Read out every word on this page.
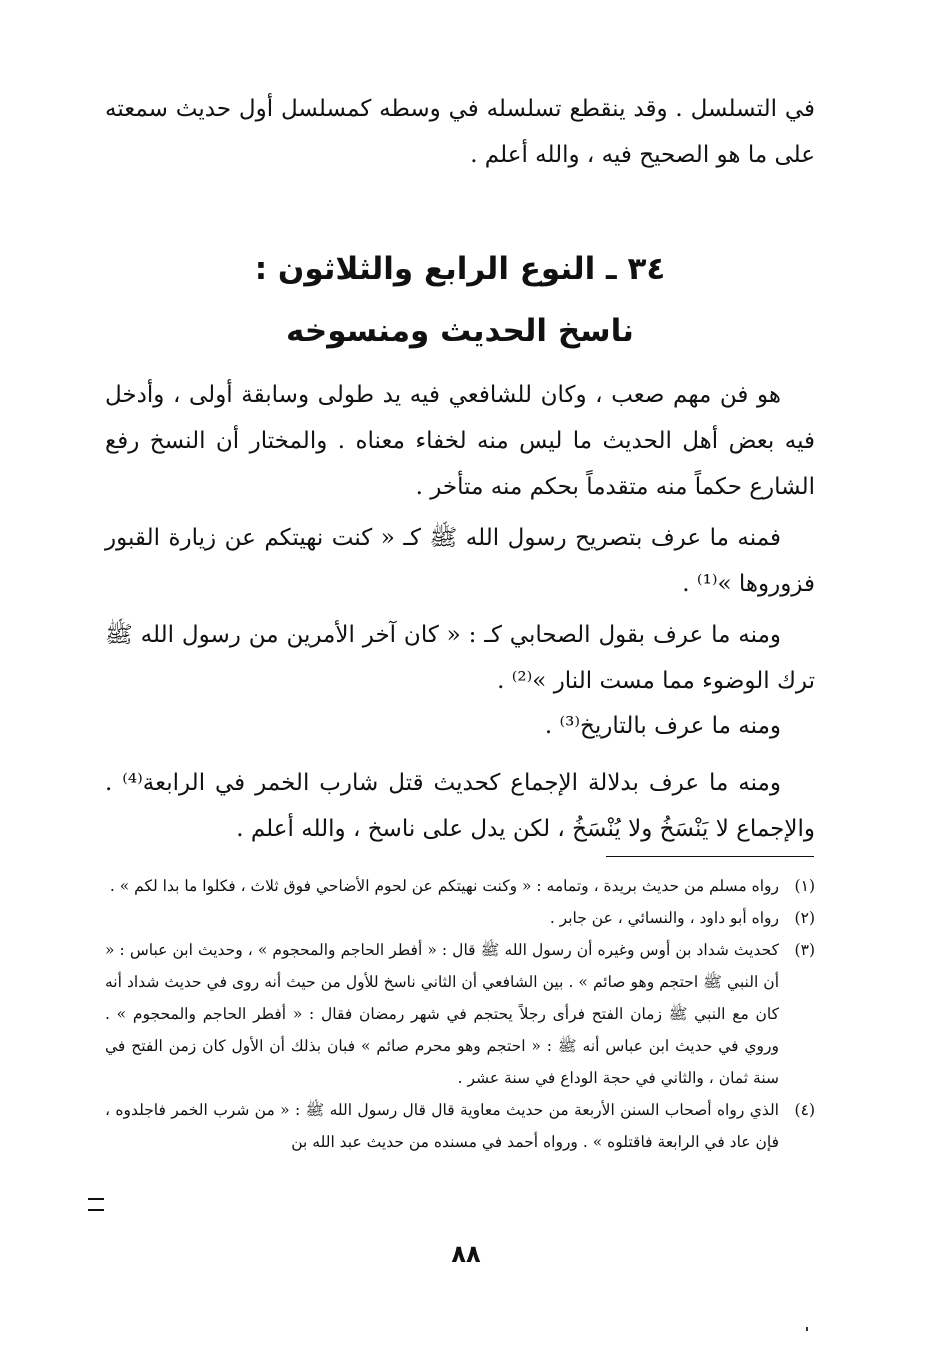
في التسلسل . وقد ينقطع تسلسله في وسطه كمسلسل أول حديث سمعته على ما هو الصحيح فيه ، والله أعلم .

٣٤ ـ النوع الرابع والثلاثون :
ناسخ الحديث ومنسوخه

هو فن مهم صعب ، وكان للشافعي فيه يد طولى وسابقة أولى ، وأدخل فيه بعض أهل الحديث ما ليس منه لخفاء معناه . والمختار أن النسخ رفع الشارع حكماً منه متقدماً بحكم منه متأخر .

فمنه ما عرف بتصريح رسول الله ﷺ كـ « كنت نهيتكم عن زيارة القبور فزوروها »⁽¹⁾ .

ومنه ما عرف بقول الصحابي كـ : « كان آخر الأمرين من رسول الله ﷺ ترك الوضوء مما مست النار »⁽²⁾ .

ومنه ما عرف بالتاريخ⁽³⁾ .

ومنه ما عرف بدلالة الإجماع كحديث قتل شارب الخمر في الرابعة⁽⁴⁾ . والإجماع لا يَنْسَخُ ولا يُنْسَخُ ، لكن يدل على ناسخ ، والله أعلم .

(١)رواه مسلم من حديث بريدة ، وتمامه : « وكنت نهيتكم عن لحوم الأضاحي فوق ثلاث ، فكلوا ما بدا لكم » .

(٢)رواه أبو داود ، والنسائي ، عن جابر .

(٣)كحديث شداد بن أوس وغيره أن رسول الله ﷺ قال : « أفطر الحاجم والمحجوم » ، وحديث ابن عباس : « أن النبي ﷺ احتجم وهو صائم » . بين الشافعي أن الثاني ناسخ للأول من حيث أنه روى في حديث شداد أنه كان مع النبي ﷺ زمان الفتح فرأى رجلاً يحتجم في شهر رمضان فقال : « أفطر الحاجم والمحجوم » . وروي في حديث ابن عباس أنه ﷺ : « احتجم وهو محرم صائم » فبان بذلك أن الأول كان زمن الفتح في سنة ثمان ، والثاني في حجة الوداع في سنة عشر .

(٤)الذي رواه أصحاب السنن الأربعة من حديث معاوية قال قال رسول الله ﷺ : « من شرب الخمر فاجلدوه ، فإن عاد في الرابعة فاقتلوه » . ورواه أحمد في مسنده من حديث عبد الله بن

٨٨
